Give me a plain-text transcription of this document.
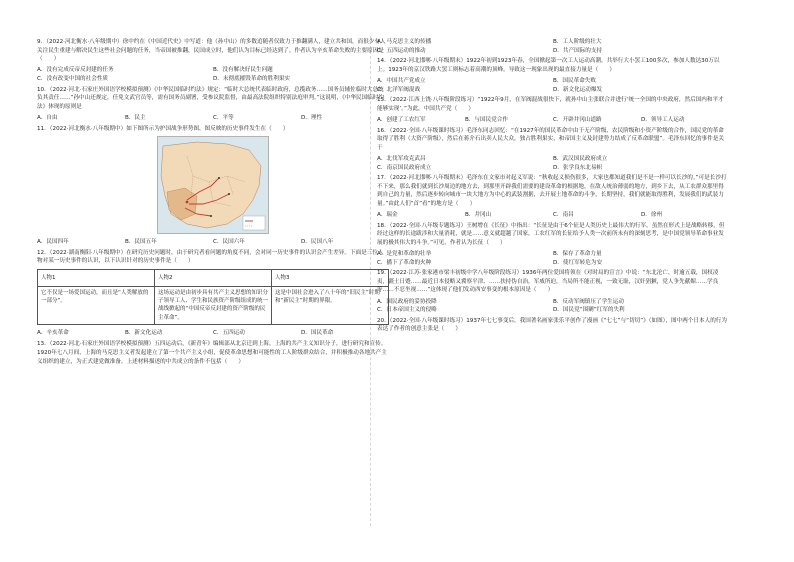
9．（2022·河北衡水·八年级期中）徐中约在《中国近代史》中写道：他（孙中山）的多数追随者仅致力于推翻满人，建立共和国，而很少有人关注民生重建与解决民生这些社会问题的任务，当帝国被推翻，民国成立时，他们认为目标已经达到了。作者认为辛亥革命失败的主要原因是（　　）

A．没有完成反帝反封建的任务	B．没有解决好民生问题
C．没有改变中国的社会性质	D．未彻底摧毁革命的胜利果实

10．（2022·河北·石家庄外国语学校模拟预测）《中华民国临时约法》规定：“临时大总统代表临时政府，总揽政务……国务员辅佐临时大总统负其责任……”孙中山还规定，任免文武官员等，需有国务员副署，受参议院监督，由最高法院组织特别法庭审判。”这说明，《中华民国临时约法》体现的原则是

A．自由	B．民主	C．平等	D．理性

11．（2022·河北衡水·八年级期中）如下图所示为护国战争形势图，图反映的历史事件发生在（　　）

A．民国四年	B．民国五年	C．民国六年	D．民国八年

12．（2022·湖南衡阳·八年级期中）在研究历史问题时，由于研究者看问题的角度不同，会对同一历史事件的认识会产生差异。下面是三位人物对某一历史事件的认识，以下认识针对的历史事件是（　　）

人物1	人物2	人物3
它不仅是一场爱国运动，而且是“人类解放的一部分”。	这场运动是由初步具有共产主义思想的知识分子领导工人、学生和民族资产阶级组成的统一战线掀起的“中国反帝反封建的资产阶级的民主革命”。	这是中国社会进入了八十年的“旧民主”时期和“新民主”时期的界限。
A．辛亥革命	B．新文化运动	C．五四运动	D．国民革命

13．（2022·河北·石家庄外国语学校模拟预测）五四运动后，《新青年》编辑部从北京迁到上海。上海的共产主义知识分子，进行研究和宣传。1920年七八月间，上海的马克思主义者发起建立了第一个共产主义小组，促使革命思想和可能性的工人阶级群众结合，并积极推动各地共产主义组织的建立，为正式建党做准备。上述材料描述的中共成立的条件不包括（　　）

A．马克思主义的传播	B．工人阶级的壮大
C．五四运动的推动	D．共产国际的支持

14．（2022·河北邯郸·八年级期末）1922年初到1923年春，全国掀起第一次工人运动高潮，共举行大小罢工100多次，参加人数达30万以上。1923年的京汉铁路大罢工则标志着高潮的顶峰。导致这一现象出现的最直接力量是（　　）

A．中国共产党成立	B．国民革命失败
C．北洋军阀混战	D．新文化运动爆发

15．（2022·江西上饶·八年级阶段练习）“1922年9月，在军阀混战很快下，就孙中山主张联合并进行‘统一全国的中央政府，然后国内和平才能够实现’。”为此，中国共产党（　　）

A．创建了工农红军	B．与国民党合作	C．开辟井冈山道路	D．领导工人运动

16．（2022·全国·八年级课时练习）毛泽东同志回忆：“在1927年的国民革命中由于无产阶级、农民阶级和小资产阶级的合作，国民党的革命取得了胜利（大资产阶级），然后在蒋介石出卖人民大众，独占胜利果实，和帝国主义及封建势力结成了反革命联盟”。毛泽东回忆的事件是关于

A．北伐军攻克武昌	B．武汉国民政府成立
C．南京国民政府成立	D．张学良东北易帜

17．（2022·河北邯郸·八年级期末）毛泽东在文家市对起义军说：“秋收起义损伤很多，大家也都知道我们是不是一样可以长沙的。”可是长沙打不下来，那么我们就到长沙周边的地方去，到那里开辟我们需要的建设革命的根据地，在敌人统治薄弱的地方，到乡下去，从工农群众那里得到自己的力量，然后逐步转向城市一块大地方为中心的武装割据，去开展土地革命的斗争，长期坚持，我们就能取得胜利，发展我们的武装力量。”由此人们“首”看”的地方是（　　）

A．瑞金	B．井冈山	C．南昌	D．徐州

18．（2022·全国·八年级专题练习）王树增在《长征》中指出：“长征是由于6个征是人类历史上最伟大的行军，虽然在形式上是战略转移，但经过这样的长途跋涉和大量消耗，就是……意义就超越了国家，工农红军的长征给予人类一次前所未有的深刻思考，是中国党领导革命事业发展的极其伟大的斗争。”可见，作者认为长征（　　）

A．是党和革命的壮举	B．保存了革命力量
C．播下了革命的火种	D．使红军转危为安

19．（2022·江苏·张家港市梁丰初级中学八年级阶段练习）1936年两位爱国将领在《对时局的宣言》中说：“东北沦亡，时逾五载，国权凌夷，疆土日蹙……最近日本侵略又冀察平津、……扶持伪自治，军威所迫，当局所不能正视，一致无耻，汉奸猖獗，党人争先献媚……学良等……不忍坐视……”这体现了他们发动西安事变的根本原因是（　　）

A．国民政府的妥协投降	B．反动军阀镇压了学生运动
C．日本帝国主义的侵略	D．国民党“围剿”红军的失利

20．（2022·全国·八年级课时练习）1937年七七事变后，我国著名画家张乐平创作了漫画《“七七”与“切切”》（如图），图中两个日本人的行为表达了作者的创意主张是（　　）
